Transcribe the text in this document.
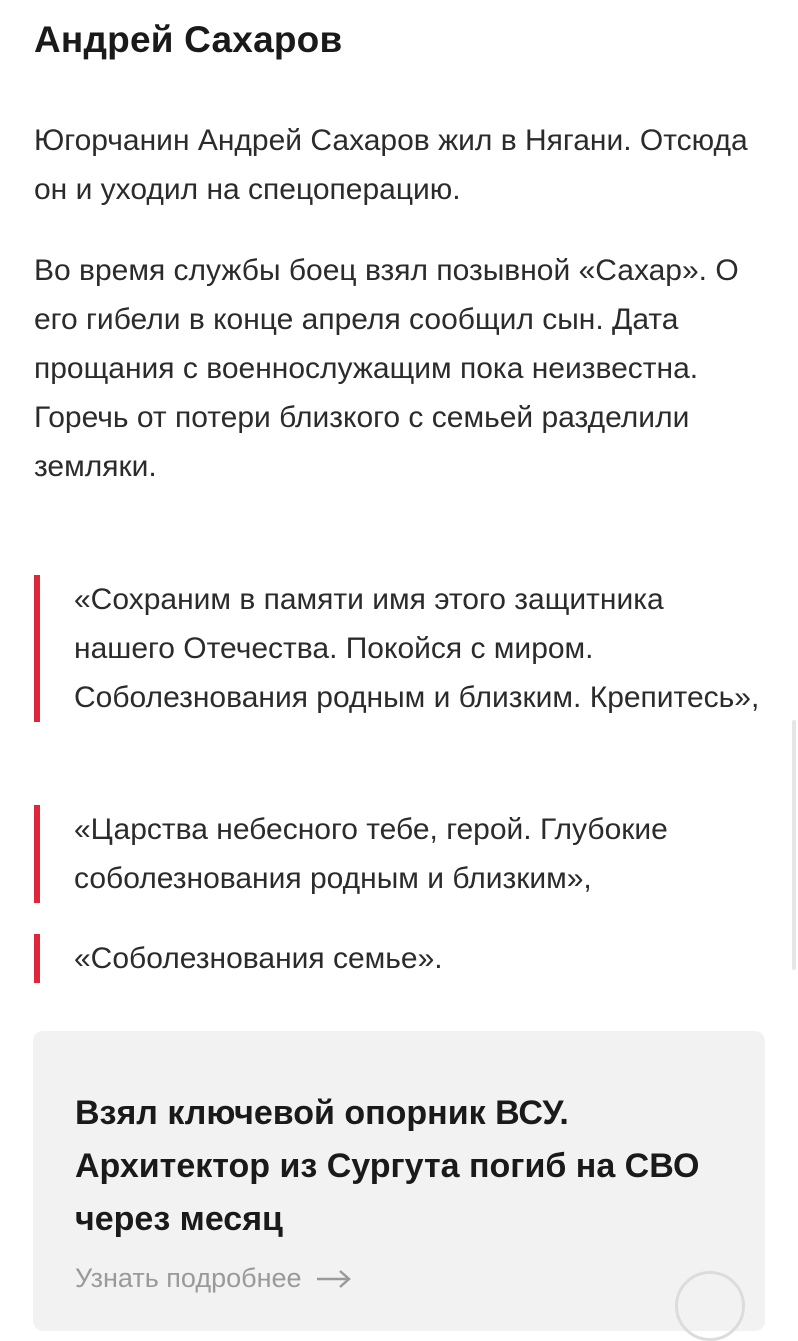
Андрей Сахаров

Югорчанин Андрей Сахаров жил в Нягани. Отсюда он и уходил на спецоперацию.

Во время службы боец взял позывной «Сахар». О его гибели в конце апреля сообщил сын. Дата прощания с военнослужащим пока неизвестна. Горечь от потери близкого с семьей разделили земляки.

«Сохраним в памяти имя этого защитника нашего Отечества. Покойся с миром. Соболезнования родным и близким. Крепитесь»,
«Царства небесного тебе, герой. Глубокие соболезнования родным и близким»,
«Соболезнования семье».
Взял ключевой опорник ВСУ. Архитектор из Сургута погиб на СВО через месяц
Узнать подробнее
